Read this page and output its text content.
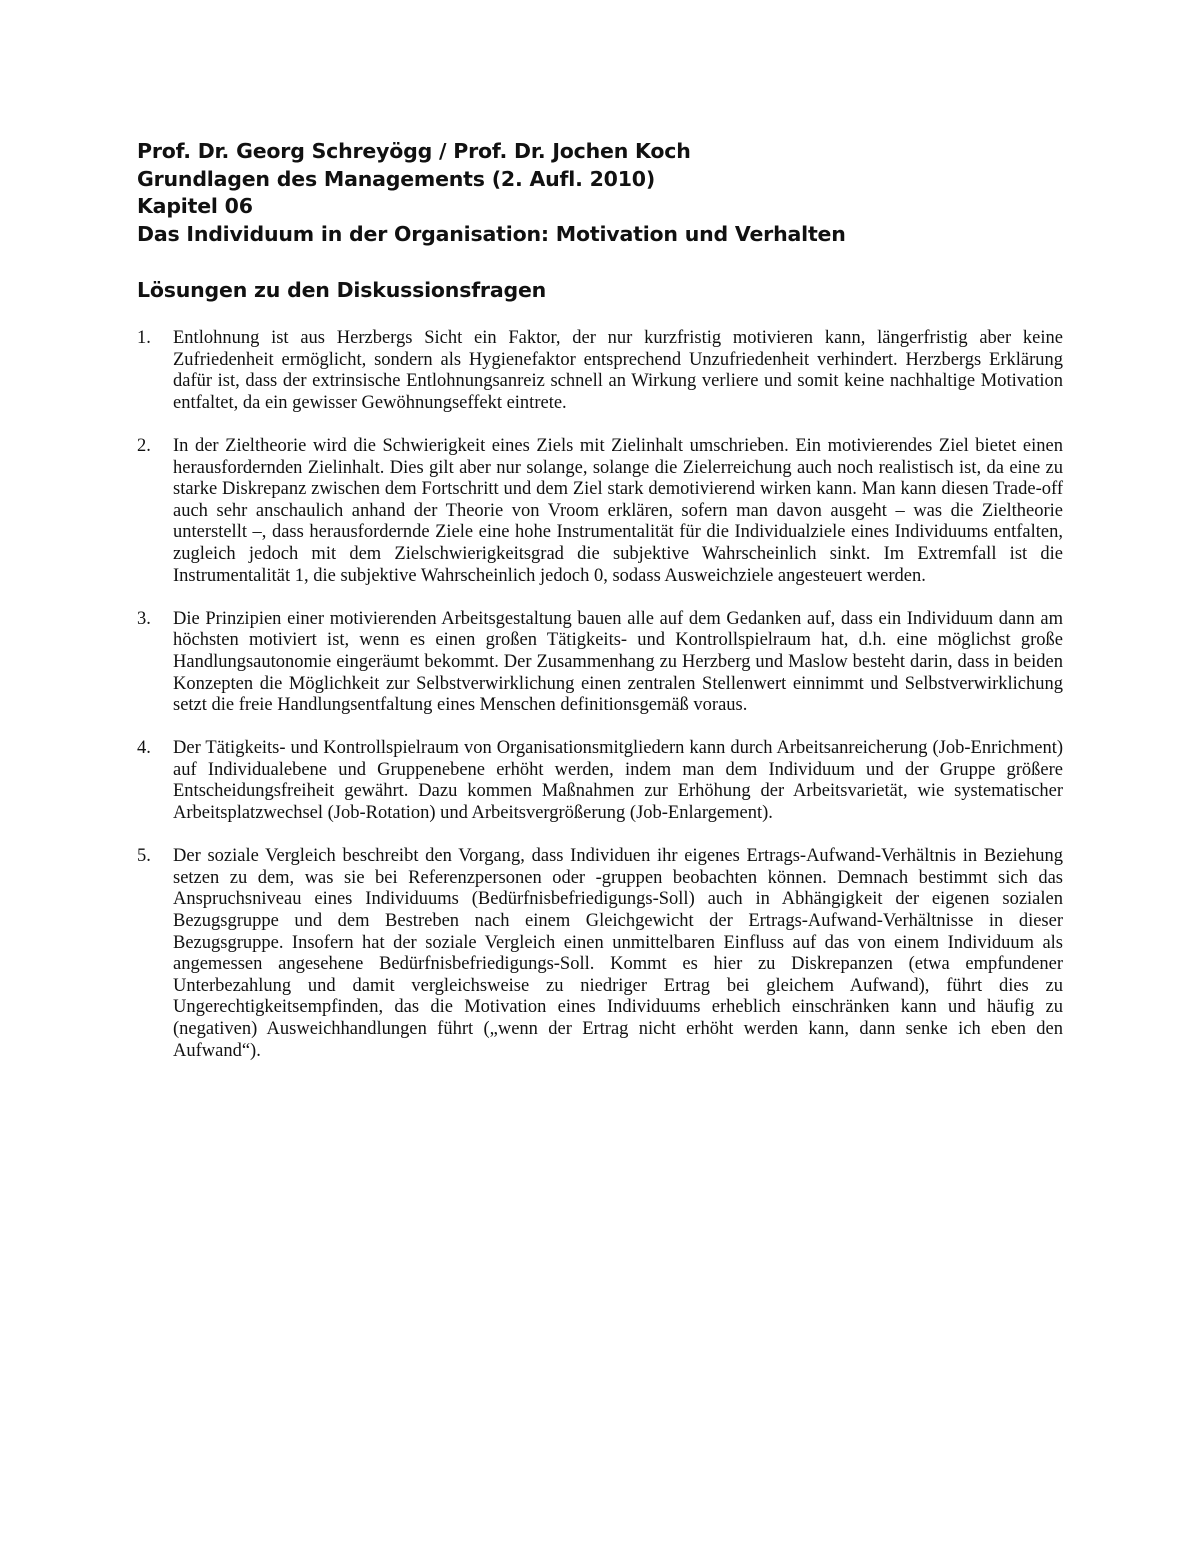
Prof. Dr. Georg Schreyögg / Prof. Dr. Jochen Koch
Grundlagen des Managements (2. Aufl. 2010)
Kapitel 06
Das Individuum in der Organisation: Motivation und Verhalten
Lösungen zu den Diskussionsfragen
1.	Entlohnung ist aus Herzbergs Sicht ein Faktor, der nur kurzfristig motivieren kann, längerfristig aber keine Zufriedenheit ermöglicht, sondern als Hygienefaktor entsprechend Unzufriedenheit verhindert. Herzbergs Erklärung dafür ist, dass der extrinsische Entlohnungsanreiz schnell an Wirkung verliere und somit keine nachhaltige Motivation entfaltet, da ein gewisser Gewöhnungseffekt eintrete.
2.	In der Zieltheorie wird die Schwierigkeit eines Ziels mit Zielinhalt umschrieben. Ein motivierendes Ziel bietet einen herausfordernden Zielinhalt. Dies gilt aber nur solange, solange die Zielerreichung auch noch realistisch ist, da eine zu starke Diskrepanz zwischen dem Fortschritt und dem Ziel stark demotivierend wirken kann. Man kann diesen Trade-off auch sehr anschaulich anhand der Theorie von Vroom erklären, sofern man davon ausgeht – was die Zieltheorie unterstellt –, dass herausfordernde Ziele eine hohe Instrumentalität für die Individualziele eines Individuums entfalten, zugleich jedoch mit dem Zielschwierigkeitsgrad die subjektive Wahrscheinlich sinkt. Im Extremfall ist die Instrumentalität 1, die subjektive Wahrscheinlich jedoch 0, sodass Ausweichziele angesteuert werden.
3.	Die Prinzipien einer motivierenden Arbeitsgestaltung bauen alle auf dem Gedanken auf, dass ein Individuum dann am höchsten motiviert ist, wenn es einen großen Tätigkeits- und Kontrollspielraum hat, d.h. eine möglichst große Handlungsautonomie eingeräumt bekommt. Der Zusammenhang zu Herzberg und Maslow besteht darin, dass in beiden Konzepten die Möglichkeit zur Selbstverwirklichung einen zentralen Stellenwert einnimmt und Selbstverwirklichung setzt die freie Handlungsentfaltung eines Menschen definitionsgemäß voraus.
4.	Der Tätigkeits- und Kontrollspielraum von Organisationsmitgliedern kann durch Arbeitsanreicherung (Job-Enrichment) auf Individualebene und Gruppenebene erhöht werden, indem man dem Individuum und der Gruppe größere Entscheidungsfreiheit gewährt. Dazu kommen Maßnahmen zur Erhöhung der Arbeitsvarietät, wie systematischer Arbeitsplatzwechsel (Job-Rotation) und Arbeitsvergrößerung (Job-Enlargement).
5.	Der soziale Vergleich beschreibt den Vorgang, dass Individuen ihr eigenes Ertrags-Aufwand-Verhältnis in Beziehung setzen zu dem, was sie bei Referenzpersonen oder -gruppen beobachten können. Demnach bestimmt sich das Anspruchsniveau eines Individuums (Bedürfnisbefriedigungs-Soll) auch in Abhängigkeit der eigenen sozialen Bezugsgruppe und dem Bestreben nach einem Gleichgewicht der Ertrags-Aufwand-Verhältnisse in dieser Bezugsgruppe. Insofern hat der soziale Vergleich einen unmittelbaren Einfluss auf das von einem Individuum als angemessen angesehene Bedürfnisbefriedigungs-Soll. Kommt es hier zu Diskrepanzen (etwa empfundener Unterbezahlung und damit vergleichsweise zu niedriger Ertrag bei gleichem Aufwand), führt dies zu Ungerechtigkeitsempfinden, das die Motivation eines Individuums erheblich einschränken kann und häufig zu (negativen) Ausweichhandlungen führt („wenn der Ertrag nicht erhöht werden kann, dann senke ich eben den Aufwand“).
